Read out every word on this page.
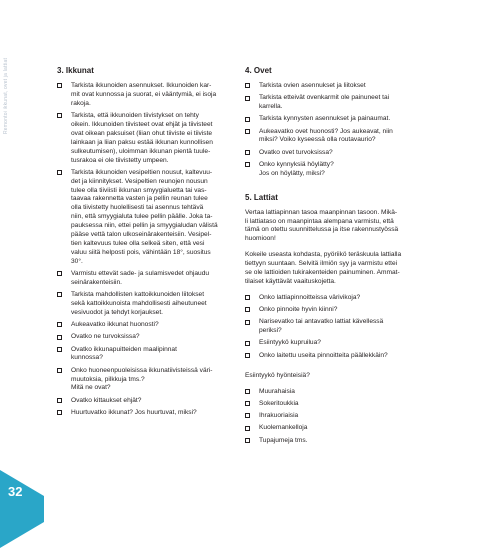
Remontoi ikkunat, ovet ja lattiat
32
3. Ikkunat
Tarkista ikkunoiden asennukset. Ikkunoiden kar-
mit ovat kunnossa ja suorat, ei vääntymiä, ei isoja
rakoja.
Tarkista, että ikkunoiden tiivistykset on tehty
oikein. Ikkunoiden tiivisteet ovat ehjät ja tiivisteet
ovat oikean paksuiset (liian ohut tiiviste ei tiiviste
lainkaan ja liian paksu estää ikkunan kunnollisen
sulkeutumisen), uloimman ikkunan pientä tuule-
tusrakoa ei ole tiivistetty umpeen.
Tarkista ikkunoiden vesipeltien nousut, kaltevuu-
det ja kiinnitykset. Vesipeltien reunojen nousun
tulee olla tiiviisti ikkunan smyygialuetta tai vas-
taavaa rakennetta vasten ja pellin reunan tulee
olla tiivistetty huolellisesti tai asennus tehtävä
niin, että smyygialuta tulee pellin päälle. Joka ta-
pauksessa niin, ettei pellin ja smyygialudan välistä
pääse vettä talon ulkoseinärakenteisiin. Vesipel-
tien kaltevuus tulee olla selkeä siten, että vesi
valuu siitä helposti pois, vähintään 18°, suositus
30°.
Varmistu ettevät sade- ja sulamisvedet ohjaudu
seinärakenteisiin.
Tarkista mahdollisten kattoikkunoiden liitokset
sekä kattoikkunoista mahdollisesti aiheutuneet
vesivuodot ja tehdyt korjaukset.
Aukeavatko ikkunat huonosti?
Ovatko ne turvoksissa?
Ovatko ikkunapuitteiden maalipinnat
kunnossa?
Onko huoneenpuoleisissa ikkunatiivisteissä väri-
muutoksia, pilkkuja tms.?
Mitä ne ovat?
Ovatko kittaukset ehjät?
Huurtuvatko ikkunat? Jos huurtuvat, miksi?
4. Ovet
Tarkista ovien asennukset ja liitokset
Tarkista etteivät ovenkarmit ole painuneet tai
karrella.
Tarkista kynnysten asennukset ja painaumat.
Aukeavatko ovet huonosti? Jos aukeavat, niin
miksi? Voiko kyseessä olla routavaurio?
Ovatko ovet turvoksissa?
Onko kynnyksiä höylätty?
Jos on höylätty, miksi?
5. Lattiat

Vertaa lattiapinnan tasoa maanpinnan tasoon. Mikä-
li lattiataso on maanpintaa alempana varmistu, että
tämä on otettu suunnittelussa ja itse rakennustyössä
huomioon!

Kokeile useasta kohdasta, pyöriikö teräskuula lattialla
tiettyyn suuntaan. Selvitä ilmiön syy ja varmistu ettei
se ole lattioiden tukirakenteiden painuminen. Ammat-
tilaiset käyttävät vaaituskojetta.

Onko lattiapinnoitteissa värivikoja?
Onko pinnoite hyvin kiinni?
Narisevatko tai antavatko lattiat kävellessä
periksi?
Esiintyykö kupruilua?
Onko laitettu useita pinnoitteita päällekkäin?

Esiintyykö hyönteisiä?

Muurahaisia
Sokeritoukkia
Ihrakuoriaisia
Kuolemankelloja
Tupajumeja tms.
